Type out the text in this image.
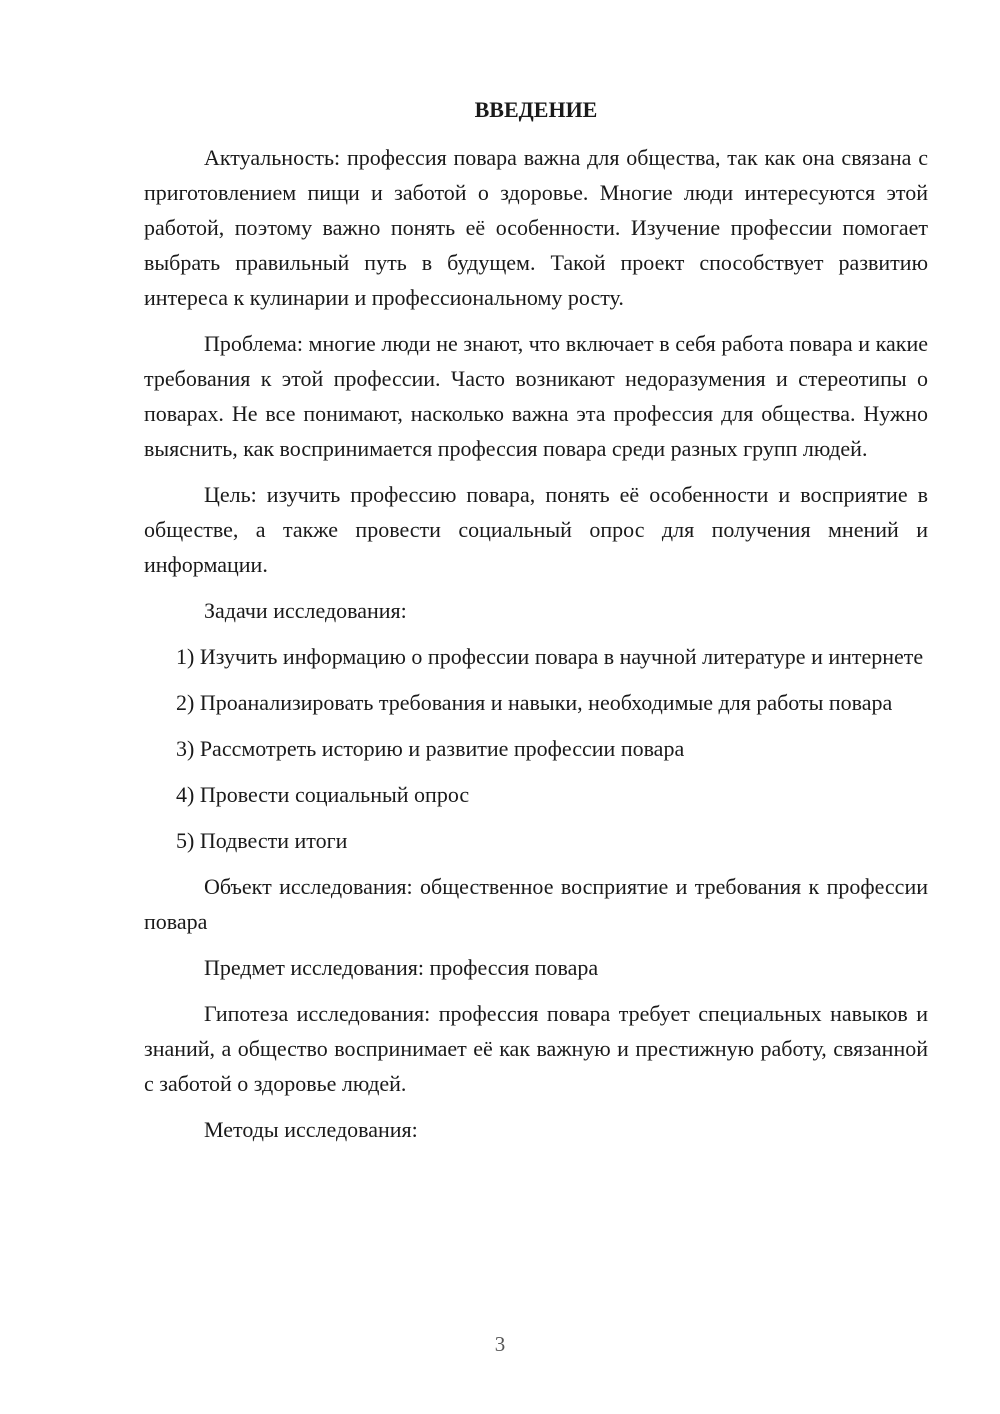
ВВЕДЕНИЕ

Актуальность: профессия повара важна для общества, так как она связана с приготовлением пищи и заботой о здоровье. Многие люди интересуются этой работой, поэтому важно понять её особенности. Изучение профессии помогает выбрать правильный путь в будущем. Такой проект способствует развитию интереса к кулинарии и профессиональному росту.

Проблема: многие люди не знают, что включает в себя работа повара и какие требования к этой профессии. Часто возникают недоразумения и стереотипы о поварах. Не все понимают, насколько важна эта профессия для общества. Нужно выяснить, как воспринимается профессия повара среди разных групп людей.

Цель: изучить профессию повара, понять её особенности и восприятие в обществе, а также провести социальный опрос для получения мнений и информации.

Задачи исследования:

1) Изучить информацию о профессии повара в научной литературе и интернете

2) Проанализировать требования и навыки, необходимые для работы повара

3) Рассмотреть историю и развитие профессии повара

4) Провести социальный опрос

5) Подвести итоги

Объект исследования: общественное восприятие и требования к профессии повара

Предмет исследования: профессия повара

Гипотеза исследования: профессия повара требует специальных навыков и знаний, а общество воспринимает её как важную и престижную работу, связанной с заботой о здоровье людей.

Методы исследования:

3
